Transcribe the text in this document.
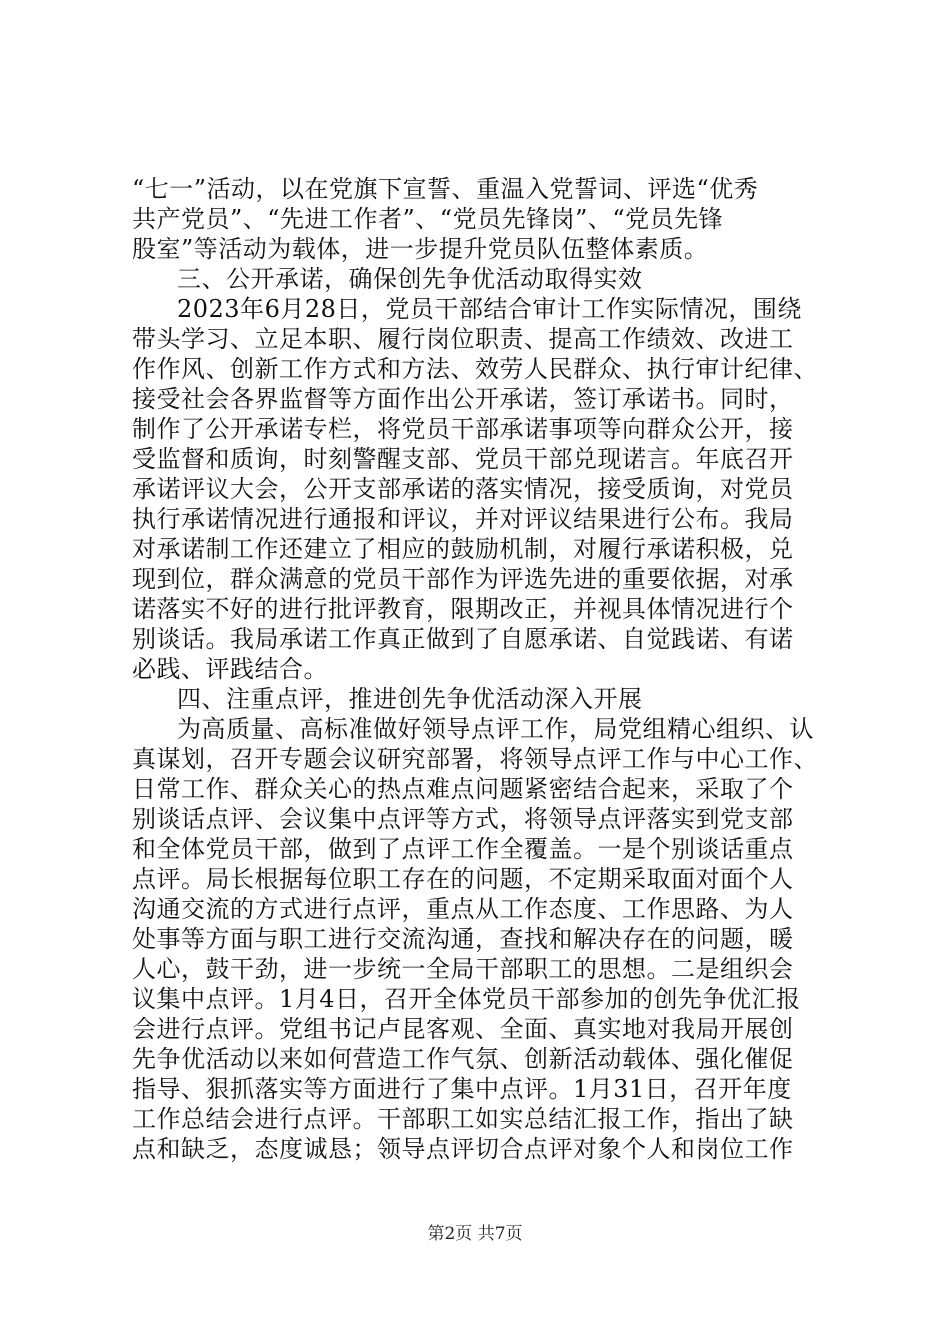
“七一”活动，以在党旗下宣誓、重温入党誓词、评选“优秀
共产党员”、“先进工作者”、“党员先锋岗”、“党员先锋
股室”等活动为载体，进一步提升党员队伍整体素质。
三、公开承诺，确保创先争优活动取得实效
2023年6月28日，党员干部结合审计工作实际情况，围绕
带头学习、立足本职、履行岗位职责、提高工作绩效、改进工
作作风、创新工作方式和方法、效劳人民群众、执行审计纪律、
接受社会各界监督等方面作出公开承诺，签订承诺书。同时，
制作了公开承诺专栏，将党员干部承诺事项等向群众公开，接
受监督和质询，时刻警醒支部、党员干部兑现诺言。年底召开
承诺评议大会，公开支部承诺的落实情况，接受质询，对党员
执行承诺情况进行通报和评议，并对评议结果进行公布。我局
对承诺制工作还建立了相应的鼓励机制，对履行承诺积极，兑
现到位，群众满意的党员干部作为评选先进的重要依据，对承
诺落实不好的进行批评教育，限期改正，并视具体情况进行个
别谈话。我局承诺工作真正做到了自愿承诺、自觉践诺、有诺
必践、评践结合。
四、注重点评，推进创先争优活动深入开展
为高质量、高标准做好领导点评工作，局党组精心组织、认
真谋划，召开专题会议研究部署，将领导点评工作与中心工作、
日常工作、群众关心的热点难点问题紧密结合起来，采取了个
别谈话点评、会议集中点评等方式，将领导点评落实到党支部
和全体党员干部，做到了点评工作全覆盖。一是个别谈话重点
点评。局长根据每位职工存在的问题，不定期采取面对面个人
沟通交流的方式进行点评，重点从工作态度、工作思路、为人
处事等方面与职工进行交流沟通，查找和解决存在的问题，暖
人心，鼓干劲，进一步统一全局干部职工的思想。二是组织会
议集中点评。1月4日，召开全体党员干部参加的创先争优汇报
会进行点评。党组书记卢昆客观、全面、真实地对我局开展创
先争优活动以来如何营造工作气氛、创新活动载体、强化催促
指导、狠抓落实等方面进行了集中点评。1月31日，召开年度
工作总结会进行点评。干部职工如实总结汇报工作，指出了缺
点和缺乏，态度诚恳；领导点评切合点评对象个人和岗位工作
第2页 共7页
